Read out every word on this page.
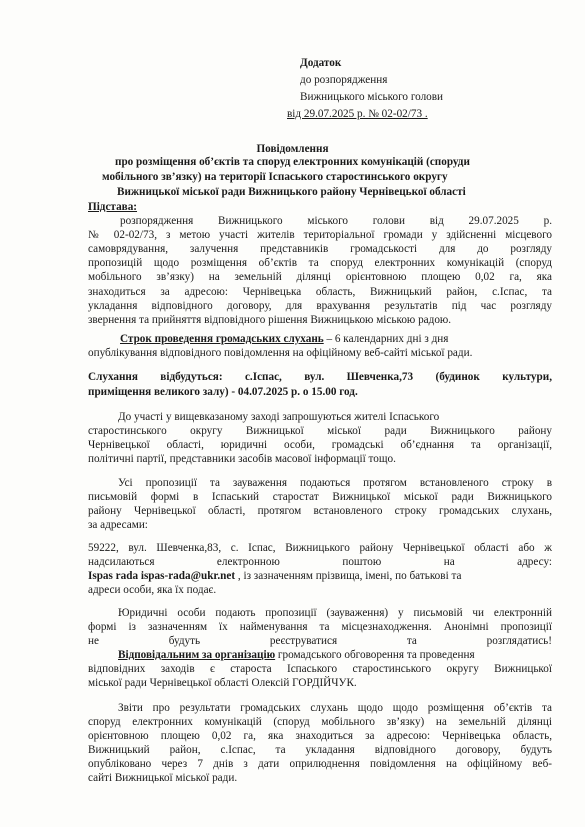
Додаток
до розпорядження
Вижницького міського голови
від 29.07.2025 р. № 02-02/73 .
Повідомлення
про розміщення об’єктів та споруд електронних комунікацій (споруди
мобільного зв’язку) на території Іспаського старостинського округу
Вижницької міської ради Вижницького району Чернівецької області
Підстава:
розпорядження Вижницького міського голови від 29.07.2025 р.
№ 02-02/73, з метою участі жителів територіальної громади у здійсненні місцевого
самоврядування, залучення представників громадськості для до розгляду
пропозицій щодо розміщення об’єктів та споруд електронних комунікацій (споруд
мобільного зв’язку) на земельній ділянці орієнтовною площею 0,02 га, яка
знаходиться за адресою: Чернівецька область, Вижницький район, с.Іспас, та
укладання відповідного договору, для врахування результатів під час розгляду
звернення та прийняття відповідного рішення Вижницькою міською радою.
Строк проведення громадських слухань – 6 календарних дні з дня
опублікування відповідного повідомлення на офіційному веб-сайті міської ради.
Слухання відбудуться: с.Іспас, вул. Шевченка,73 (будинок культури,
приміщення великого залу) - 04.07.2025 р. о 15.00 год.
До участі у вищевказаному заході запрошуються жителі Іспаського
старостинського округу Вижницької міської ради Вижницького району
Чернівецької області, юридичні особи, громадські об’єднання та організації,
політичні партії, представники засобів масової інформації тощо.
Усі пропозиції та зауваження подаються протягом встановленого строку в
письмовій формі в Іспаський старостат Вижницької міської ради Вижницького
району Чернівецької області, протягом встановленого строку громадських слухань,
за адресами:
59222, вул. Шевченка,83, с. Іспас, Вижницького району Чернівецької області або ж
надсилаються електронною поштою на адресу:
Ispas rada ispas-rada@ukr.net , із зазначенням прізвища, імені, по батькові та
адреси особи, яка їх подає.
Юридичні особи подають пропозиції (зауваження) у письмовій чи електронній
формі із зазначенням їх найменування та місцезнаходження. Анонімні пропозиції
не будуть реєструватися та розглядатись!
Відповідальним за організацію громадського обговорення та проведення
відповідних заходів є староста Іспаського старостинського округу Вижницької
міської ради Чернівецької області Олексій ГОРДІЙЧУК.
Звіти про результати громадських слухань щодо щодо розміщення об’єктів та
споруд електронних комунікацій (споруд мобільного зв’язку) на земельній ділянці
орієнтовною площею 0,02 га, яка знаходиться за адресою: Чернівецька область,
Вижницький район, с.Іспас, та укладання відповідного договору, будуть
опубліковано через 7 днів з дати оприлюднення повідомлення на офіційному веб-
сайті Вижницької міської ради.
